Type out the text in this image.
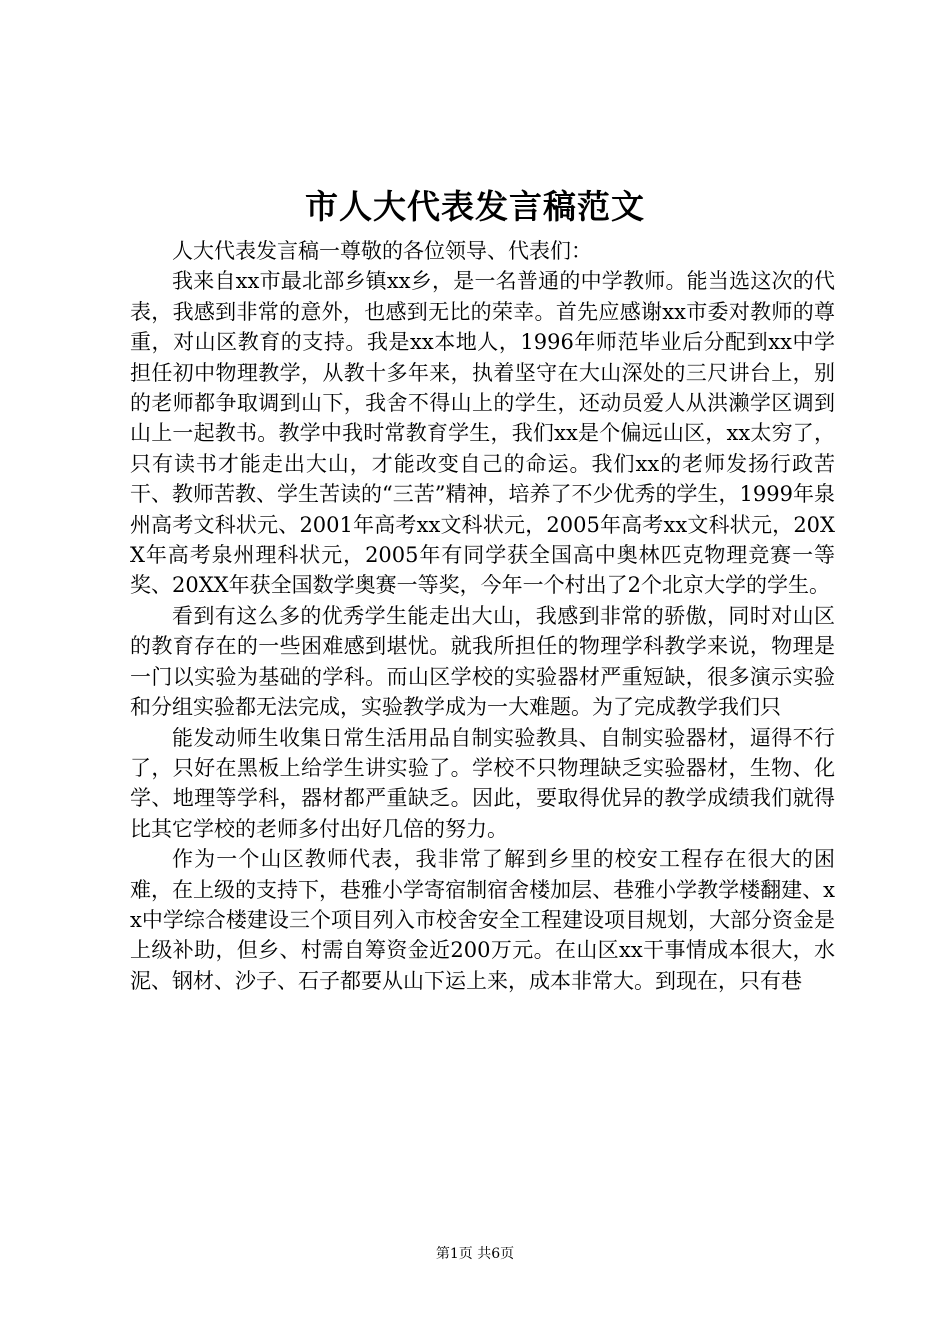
市人大代表发言稿范文

人大代表发言稿一尊敬的各位领导、代表们：

我来自xx市最北部乡镇xx乡，是一名普通的中学教师。能当选这次的代表，我感到非常的意外，也感到无比的荣幸。首先应感谢xx市委对教师的尊重，对山区教育的支持。我是xx本地人，1996年师范毕业后分配到xx中学担任初中物理教学，从教十多年来，执着坚守在大山深处的三尺讲台上，别的老师都争取调到山下，我舍不得山上的学生，还动员爱人从洪濑学区调到山上一起教书。教学中我时常教育学生，我们xx是个偏远山区，xx太穷了，只有读书才能走出大山，才能改变自己的命运。我们xx的老师发扬行政苦干、教师苦教、学生苦读的“三苦”精神，培养了不少优秀的学生，1999年泉州高考文科状元、2001年高考xx文科状元，2005年高考xx文科状元，20XX年高考泉州理科状元，2005年有同学获全国高中奥林匹克物理竞赛一等奖、20XX年获全国数学奥赛一等奖，今年一个村出了2个北京大学的学生。

看到有这么多的优秀学生能走出大山，我感到非常的骄傲，同时对山区的教育存在的一些困难感到堪忧。就我所担任的物理学科教学来说，物理是一门以实验为基础的学科。而山区学校的实验器材严重短缺，很多演示实验和分组实验都无法完成，实验教学成为一大难题。为了完成教学我们只

能发动师生收集日常生活用品自制实验教具、自制实验器材，逼得不行了，只好在黑板上给学生讲实验了。学校不只物理缺乏实验器材，生物、化学、地理等学科，器材都严重缺乏。因此，要取得优异的教学成绩我们就得比其它学校的老师多付出好几倍的努力。

作为一个山区教师代表，我非常了解到乡里的校安工程存在很大的困难，在上级的支持下，巷雅小学寄宿制宿舍楼加层、巷雅小学教学楼翻建、xx中学综合楼建设三个项目列入市校舍安全工程建设项目规划，大部分资金是上级补助，但乡、村需自筹资金近200万元。在山区xx干事情成本很大，水泥、钢材、沙子、石子都要从山下运上来，成本非常大。到现在，只有巷

第1页 共6页
